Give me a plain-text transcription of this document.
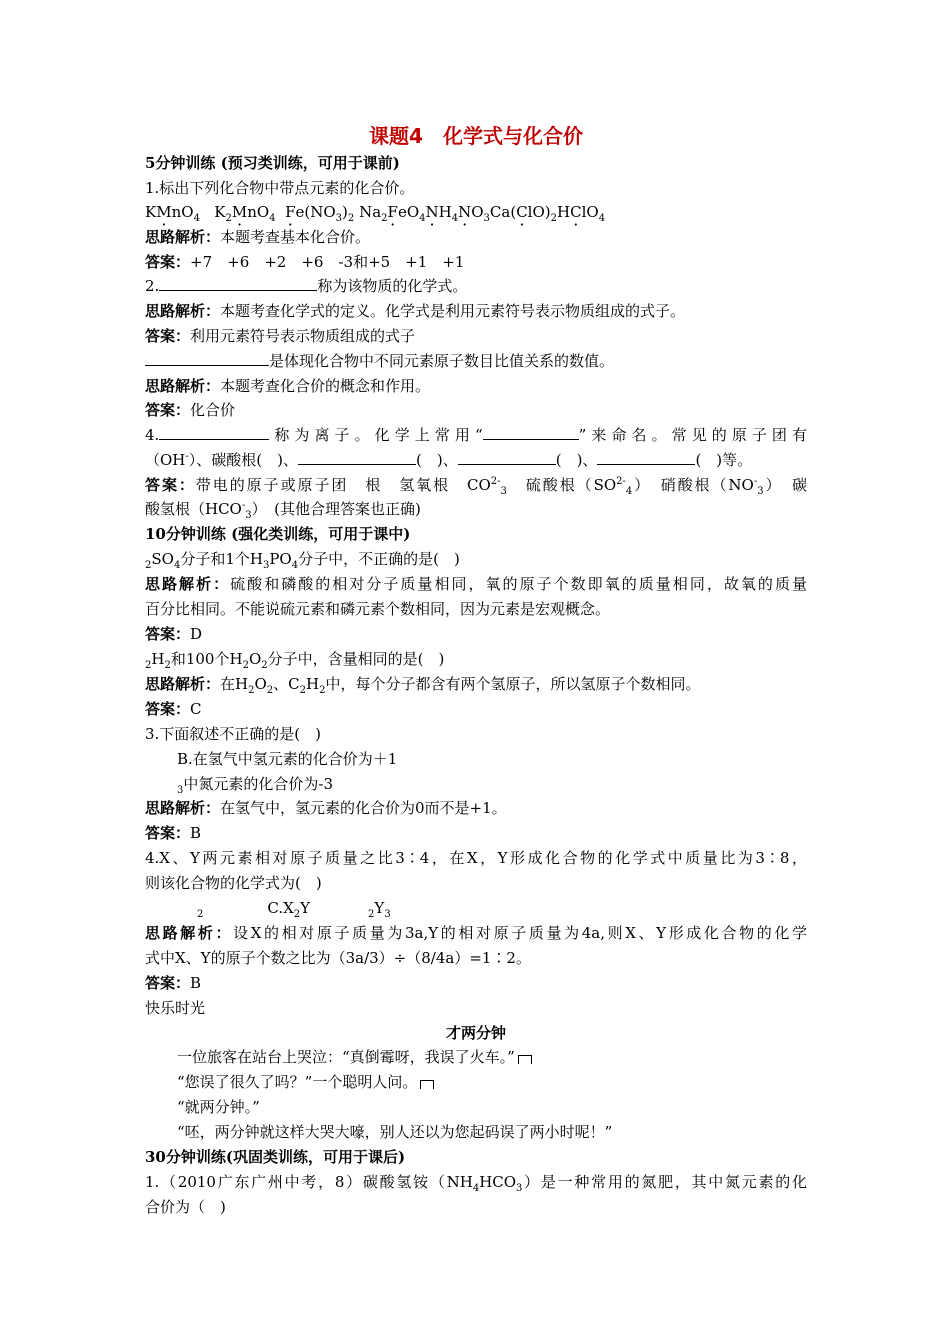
课题4　化学式与化合价
5分钟训练 (预习类训练，可用于课前)
1.标出下列化合物中带点元素的化合价。
KM $\cdot nO_4$ $K_2M \cdot nO_4$ $F \cdot e(NO_3)_2$ $Na_2F \cdot eO_4N \cdot H_4N \cdot O_3Ca(C \cdot lO)_2HC \cdot lO_4$
思路解析：本题考查基本化合价。
答案：+7　+6　+2　+6　-3和+5　+1　+1
2.	称为该物质的化学式。
思路解析：本题考查化学式的定义。化学式是利用元素符号表示物质组成的式子。
答案：利用元素符号表示物质组成的式子
是体现化合物中不同元素原子数目比值关系的数值。
思路解析：本题考查化合价的概念和作用。
答案：化合价
4.	称为离子。化学上常用“	”来命名。常见的原子团有
（OH-）、碳酸根(　)、	(　)、	(　)、	(　)等。
答案：带电的原子或原子团　根　氢氧根　$CO^{2-}_3$　硫酸根$(SO^{2-}_4)$　硝酸根$(NO^-_3)$　碳
酸氢根$(HCO^-_3)$　(其他合理答案也正确)
10分钟训练 (强化类训练，可用于课中)
$_2SO_4$分子和1个$H_3PO_4$分子中，不正确的是(　)
思路解析：硫酸和磷酸的相对分子质量相同，氧的原子个数即氧的质量相同，故氧的质量
百分比相同。不能说硫元素和磷元素个数相同，因为元素是宏观概念。
答案：D
$_2H_2$和100个$H_2O_2$分子中，含量相同的是(　)
思路解析：在$H_2O_2$、$C_2H_2$中，每个分子都含有两个氢原子，所以氢原子个数相同。
答案：C
3.下面叙述不正确的是(　)
B.在氢气中氢元素的化合价为＋1
$_3$中氮元素的化合价为-3
思路解析：在氢气中，氢元素的化合价为0而不是+1。
答案：B
4.X、Y两元素相对原子质量之比3∶4，在X，Y形成化合物的化学式中质量比为3∶8，
则该化合物的化学式为(　)
$_2$	$C.X_2Y$	$_2Y_3$
思路解析：设X的相对原子质量为3a,Y的相对原子质量为4a,则X、Y形成化合物的化学
式中X、Y的原子个数之比为（3a/3）÷（8/4a）=1∶2。
答案：B
快乐时光
才两分钟
一位旅客在站台上哭泣：“真倒霉呀，我误了火车。”
“您误了很久了吗？”一个聪明人问。
“就两分钟。”
“呸，两分钟就这样大哭大嚎，别人还以为您起码误了两小时呢！”
30分钟训练(巩固类训练，可用于课后)
1.（2010广东广州中考，8）碳酸氢铵$(NH_4HCO_3)$是一种常用的氮肥，其中氮元素的化
合价为（　)
